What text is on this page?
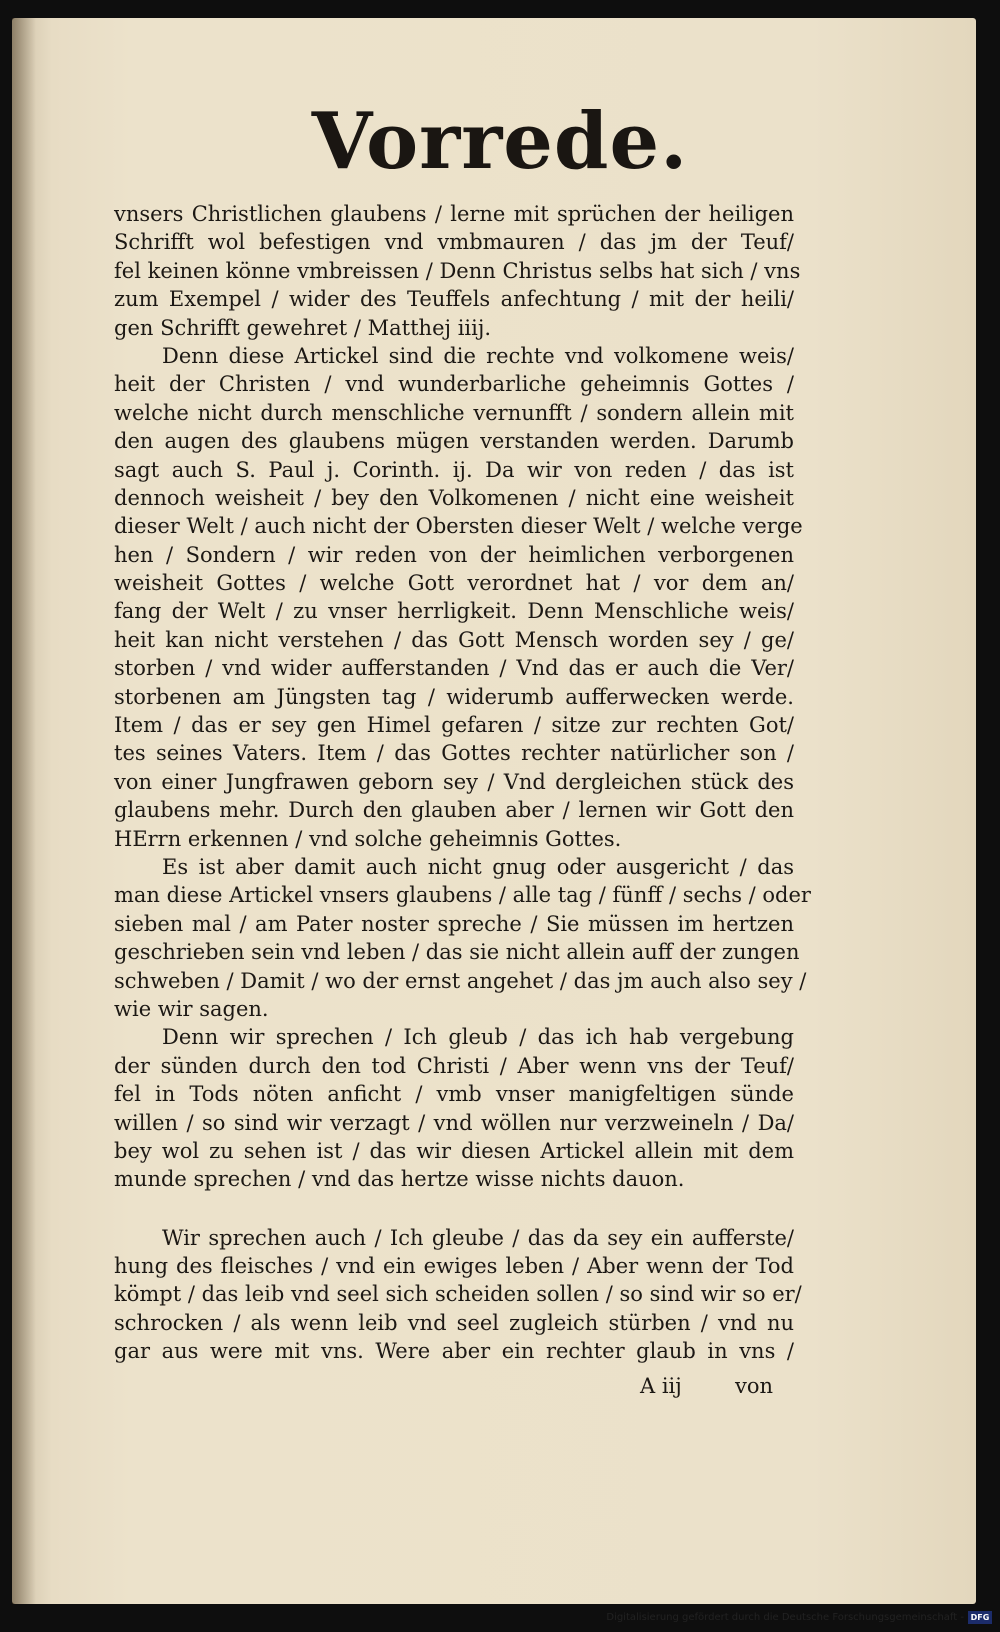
Vorrede.
vnsers Christlichen glaubens / lerne mit sprüchen der heiligen
Schrifft wol befestigen vnd vmbmauren / das jm der Teuf/
fel keinen könne vmbreissen / Denn Christus selbs hat sich / vns
zum Exempel / wider des Teuffels anfechtung / mit der heili/
gen Schrifft gewehret / Matthej iiij.
Denn diese Artickel sind die rechte vnd volkomene weis/
heit der Christen / vnd wunderbarliche geheimnis Gottes /
welche nicht durch menschliche vernunfft / sondern allein mit
den augen des glaubens mügen verstanden werden. Darumb
sagt auch S. Paul j. Corinth. ij. Da wir von reden / das ist
dennoch weisheit / bey den Volkomenen / nicht eine weisheit
dieser Welt / auch nicht der Obersten dieser Welt / welche verge
hen / Sondern / wir reden von der heimlichen verborgenen
weisheit Gottes / welche Gott verordnet hat / vor dem an/
fang der Welt / zu vnser herrligkeit. Denn Menschliche weis/
heit kan nicht verstehen / das Gott Mensch worden sey / ge/
storben / vnd wider aufferstanden / Vnd das er auch die Ver/
storbenen am Jüngsten tag / widerumb aufferwecken werde.
Item / das er sey gen Himel gefaren / sitze zur rechten Got/
tes seines Vaters. Item / das Gottes rechter natürlicher son /
von einer Jungfrawen geborn sey / Vnd dergleichen stück des
glaubens mehr. Durch den glauben aber / lernen wir Gott den
HErrn erkennen / vnd solche geheimnis Gottes.
Es ist aber damit auch nicht gnug oder ausgericht / das
man diese Artickel vnsers glaubens / alle tag / fünff / sechs / oder
sieben mal / am Pater noster spreche / Sie müssen im hertzen
geschrieben sein vnd leben / das sie nicht allein auff der zungen
schweben / Damit / wo der ernst angehet / das jm auch also sey /
wie wir sagen.
Denn wir sprechen / Ich gleub / das ich hab vergebung
der sünden durch den tod Christi / Aber wenn vns der Teuf/
fel in Tods nöten anficht / vmb vnser manigfeltigen sünde
willen / so sind wir verzagt / vnd wöllen nur verzweineln / Da/
bey wol zu sehen ist / das wir diesen Artickel allein mit dem
munde sprechen / vnd das hertze wisse nichts dauon.
Wir sprechen auch / Ich gleube / das da sey ein aufferste/
hung des fleisches / vnd ein ewiges leben / Aber wenn der Tod
kömpt / das leib vnd seel sich scheiden sollen / so sind wir so er/
schrocken / als wenn leib vnd seel zugleich stürben / vnd nu
gar aus were mit vns. Were aber ein rechter glaub in vns /
A iij	von
Digitalisierung gefördert durch die Deutsche Forschungsgemeinschaft - DFG
